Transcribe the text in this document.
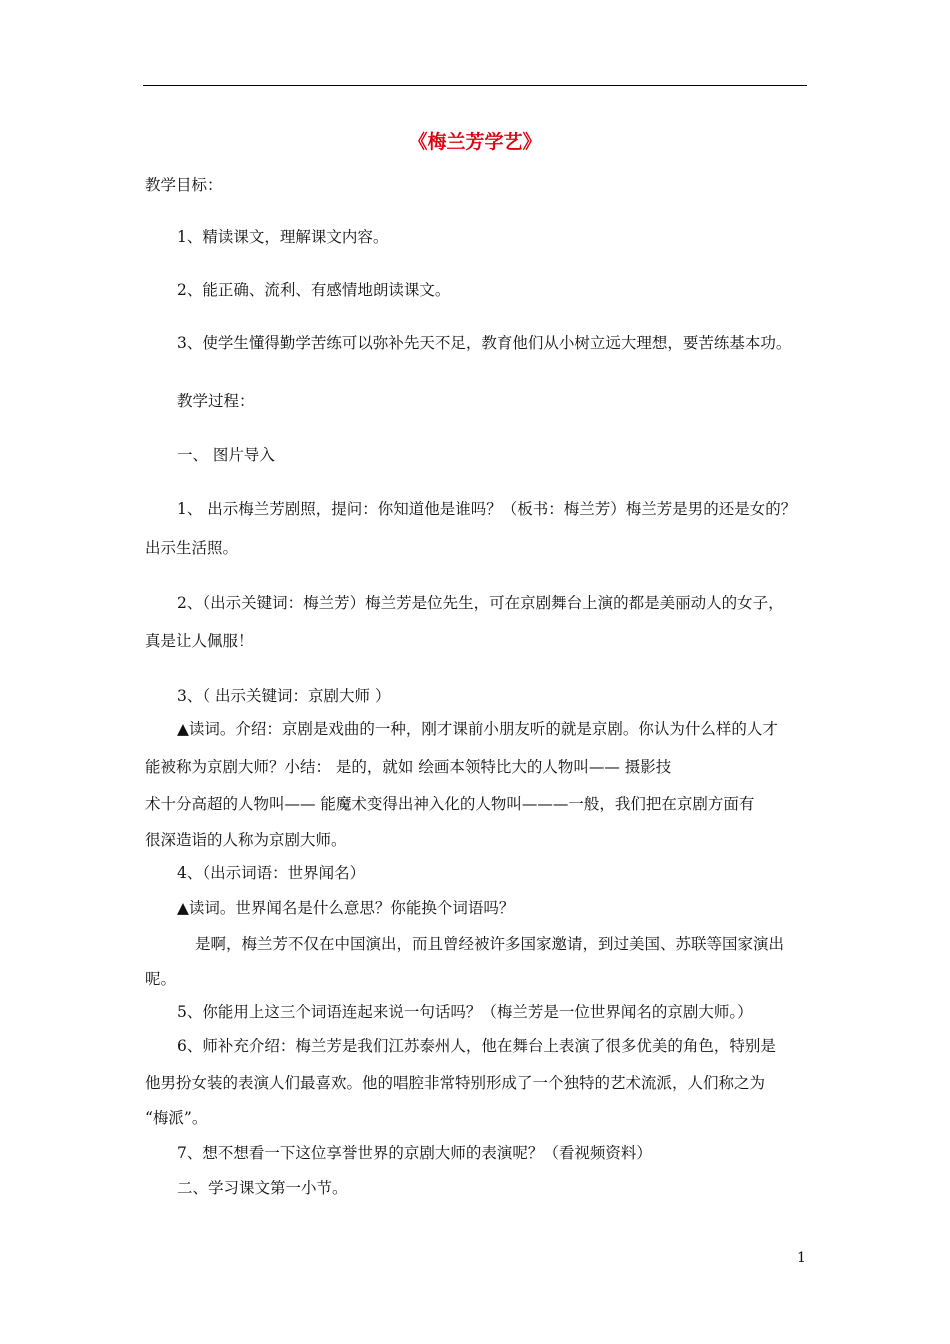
《梅兰芳学艺》
教学目标：
1、精读课文，理解课文内容。
2、能正确、流利、有感情地朗读课文。
3、使学生懂得勤学苦练可以弥补先天不足，教育他们从小树立远大理想，要苦练基本功。
教学过程：
一、 图片导入
1、 出示梅兰芳剧照，提问：你知道他是谁吗？（板书：梅兰芳）梅兰芳是男的还是女的？
出示生活照。
2、（出示关键词：梅兰芳）梅兰芳是位先生，可在京剧舞台上演的都是美丽动人的女子，
真是让人佩服！
3、（ 出示关键词：京剧大师 ）
▲读词。介绍：京剧是戏曲的一种，刚才课前小朋友听的就是京剧。你认为什么样的人才
能被称为京剧大师？小结： 是的，就如 绘画本领特比大的人物叫—— 摄影技
术十分高超的人物叫—— 能魔术变得出神入化的人物叫———一般，我们把在京剧方面有
很深造诣的人称为京剧大师。
4、（出示词语：世界闻名）
▲读词。世界闻名是什么意思？你能换个词语吗？
是啊，梅兰芳不仅在中国演出，而且曾经被许多国家邀请，到过美国、苏联等国家演出
呢。
5、你能用上这三个词语连起来说一句话吗？（梅兰芳是一位世界闻名的京剧大师。）
6、师补充介绍：梅兰芳是我们江苏泰州人，他在舞台上表演了很多优美的角色，特别是
他男扮女装的表演人们最喜欢。他的唱腔非常特别形成了一个独特的艺术流派，人们称之为
“梅派”。
7、想不想看一下这位享誉世界的京剧大师的表演呢？（看视频资料）
二、学习课文第一小节。
1
